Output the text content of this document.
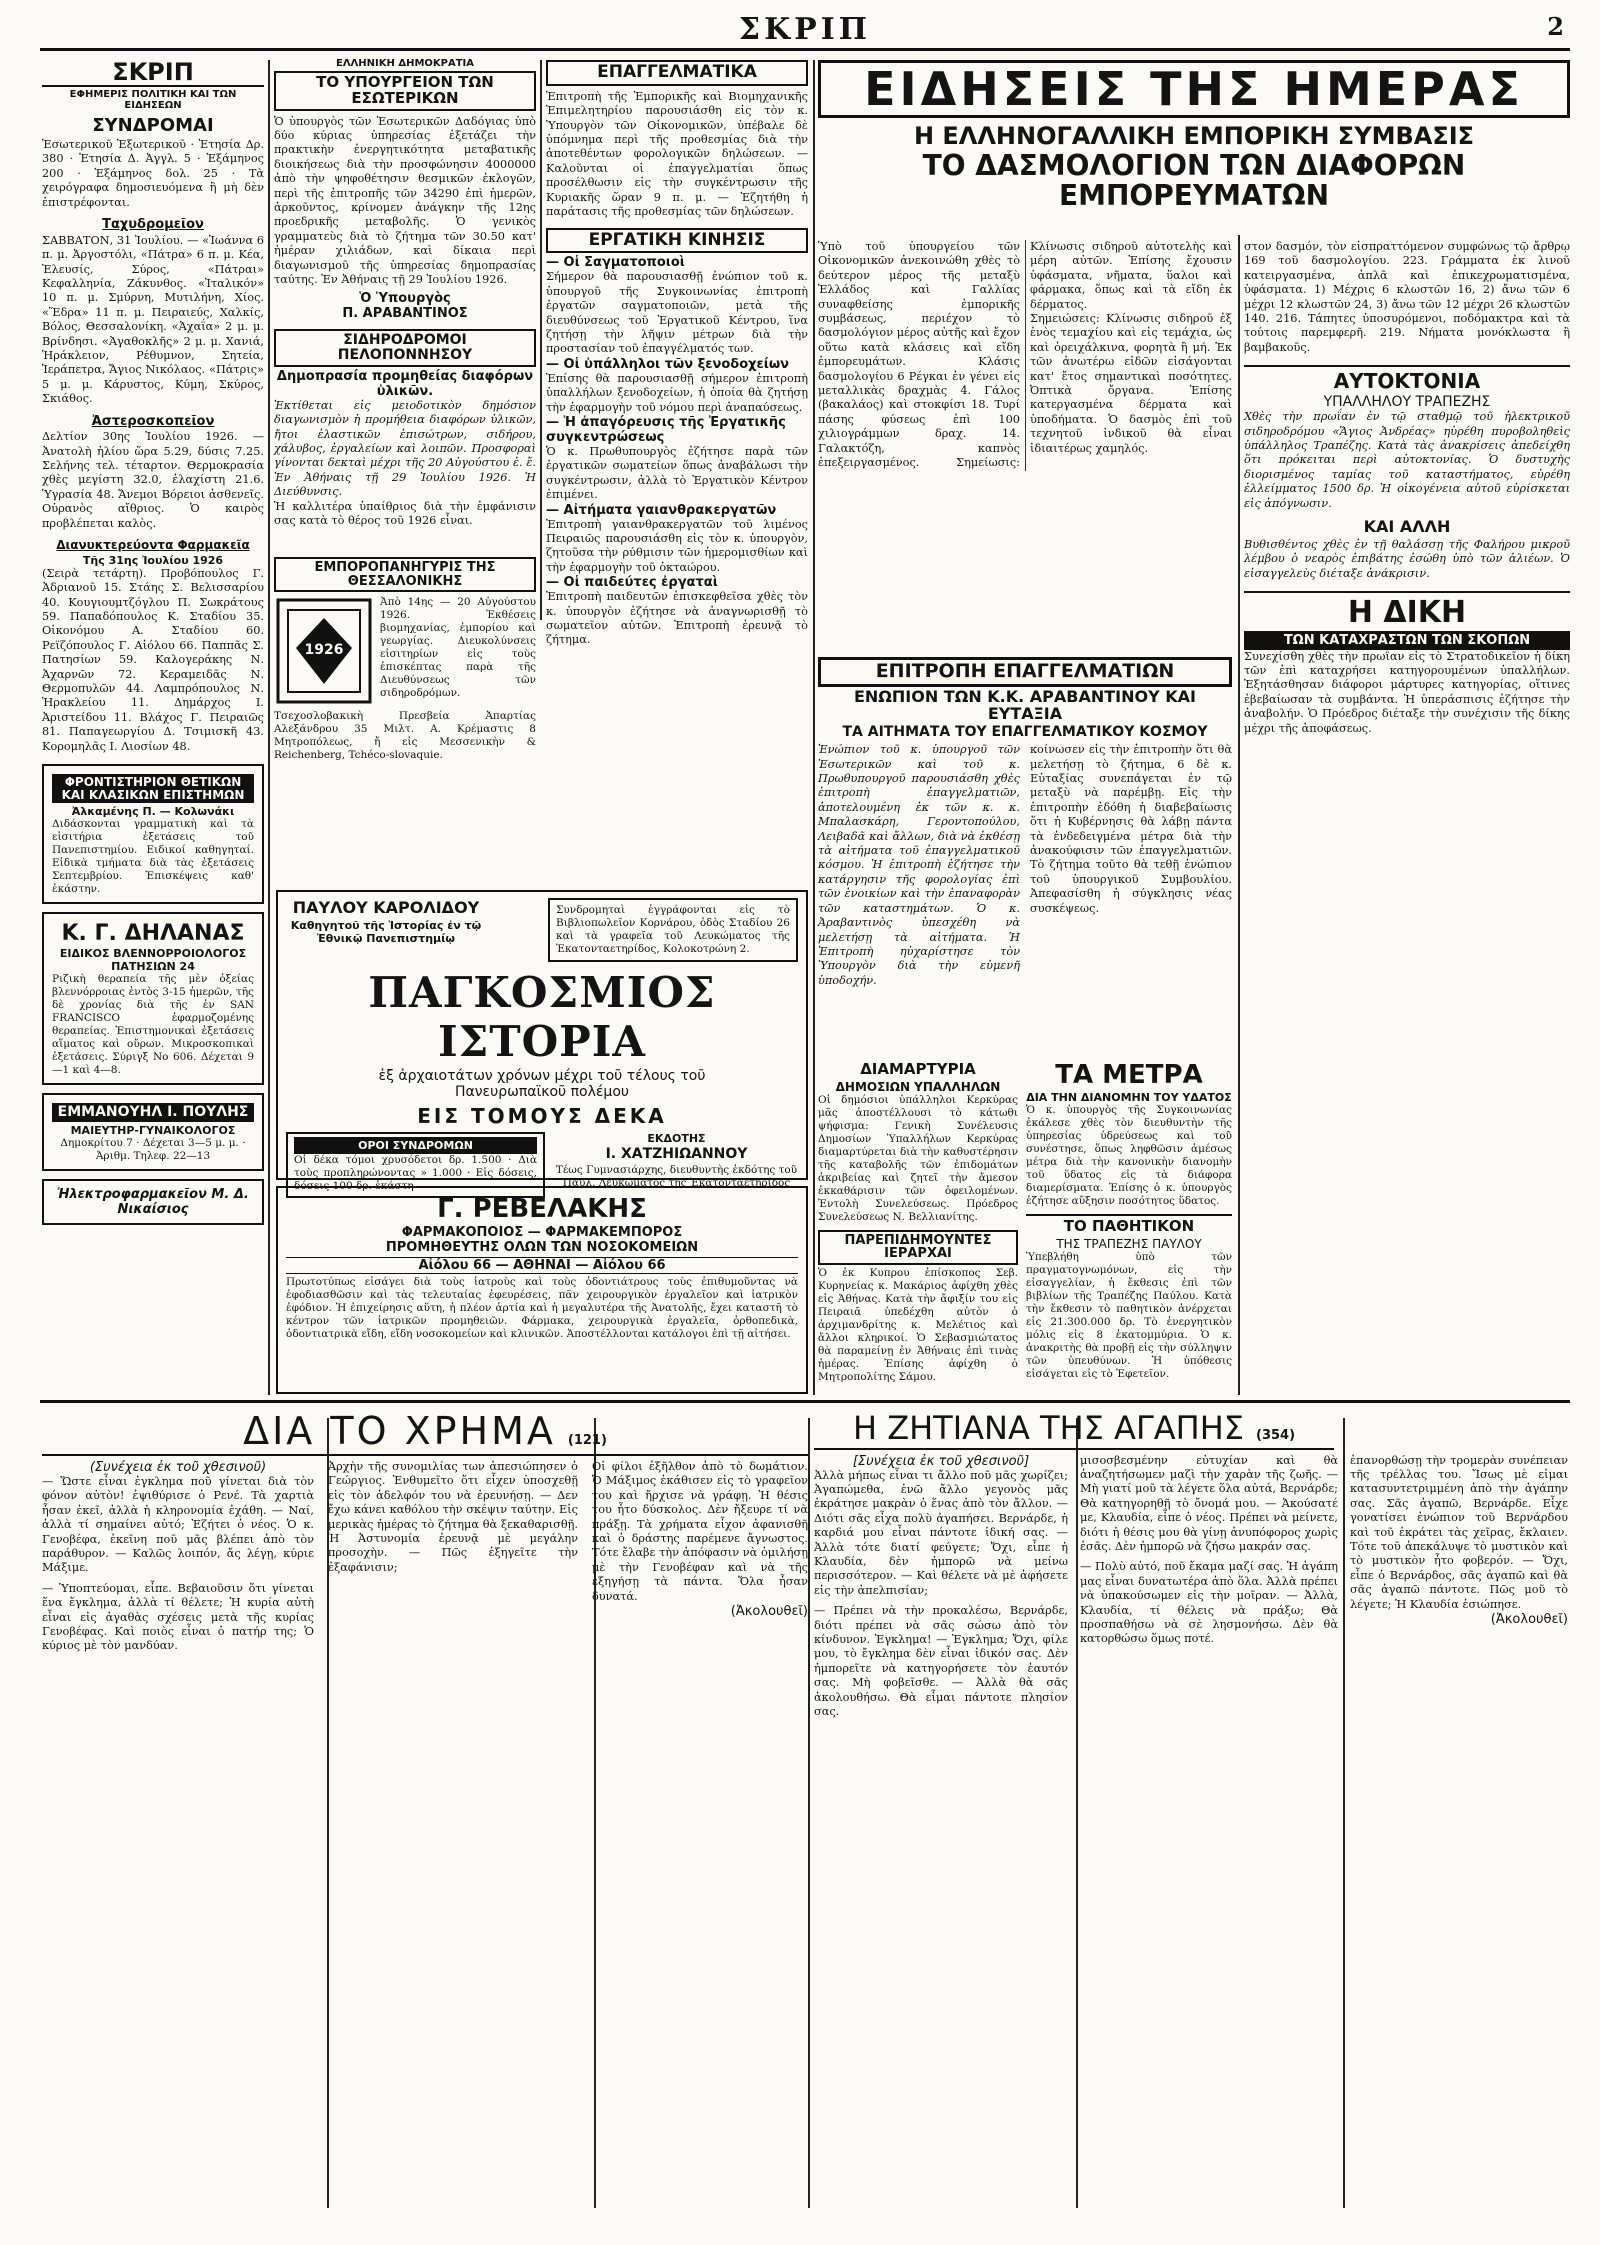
ΣΚΡΙΠ	2
ΣΚΡΙΠ
ΕΦΗΜΕΡΙΣ ΠΟΛΙΤΙΚΗ ΚΑΙ ΤΩΝ ΕΙΔΗΣΕΩΝ
ΣΥΝΔΡΟΜΑΙ
Ἐσωτερικοῦ Ἐξωτερικοῦ · Ἐτησία Δρ. 380 · Ἐτησία Δ. Ἀγγλ. 5 · Ἑξάμηνος 200 · Ἑξάμηνος δολ. 25 · Τὰ χειρόγραφα δημοσιευόμενα ἢ μὴ δὲν ἐπιστρέφονται.
Ταχυδρομεῖον
ΣΑΒΒΑΤΟΝ, 31 Ἰουλίου. — «Ἰωάννα 6 π. μ. Ἀργοστόλι, «Πάτρα» 6 π. μ. Κέα, Ἐλευσίς, Σύρος, «Πάτραι» Κεφαλληνία, Ζάκυνθος. «Ἰταλικόν» 10 π. μ. Σμύρνη, Μυτιλήνη, Χίος. «Ἕδρα» 11 π. μ. Πειραιεύς, Χαλκίς, Βόλος, Θεσσαλονίκη. «Ἀχαΐα» 2 μ. μ. Βρίνδησι. «Ἀγαθοκλῆς» 2 μ. μ. Χανιά, Ἡράκλειον, Ρέθυμνον, Σητεία, Ἱεράπετρα, Ἄγιος Νικόλαος. «Πάτρις» 5 μ. μ. Κάρυστος, Κύμη, Σκύρος, Σκιάθος.
Ἀστεροσκοπεῖον
Δελτίον 30ης Ἰουλίου 1926. — Ἀνατολὴ ἡλίου ὥρα 5.29, δύσις 7.25. Σελήνης τελ. τέταρτον. Θερμοκρασία χθὲς μεγίστη 32.0, ἐλαχίστη 21.6. Ὑγρασία 48. Ἄνεμοι Βόρειοι ἀσθενεῖς. Οὐρανὸς αἴθριος. Ὁ καιρὸς προβλέπεται καλὸς.
Διανυκτερεύοντα Φαρμακεῖα
Τῆς 31ης Ἰουλίου 1926
(Σειρὰ τετάρτη). Προβόπουλος Γ. Ἀδριανοῦ 15. Στάης Σ. Βελισσαρίου 40. Κουγιουμτζόγλου Π. Σωκράτους 59. Παπαδόπουλος Κ. Σταδίου 35. Οἰκονόμου Α. Σταδίου 60. Ρεϊζόπουλος Γ. Αἰόλου 66. Παππᾶς Σ. Πατησίων 59. Καλογεράκης Ν. Ἀχαρνῶν 72. Κεραμειδᾶς Ν. Θερμοπυλῶν 44. Λαμπρόπουλος Ν. Ἡρακλείου 11. Δημάρχος Ι. Ἀριστείδου 11. Βλάχος Γ. Πειραιῶς 81. Παπαγεωργίου Δ. Τσιμισκῆ 43. Κορομηλᾶς Ι. Λιοσίων 48.
ΦΡΟΝΤΙΣΤΗΡΙΟΝ ΘΕΤΙΚΩΝ ΚΑΙ ΚΛΑΣΙΚΩΝ ΕΠΙΣΤΗΜΩΝ
Ἀλκαμένης Π. — Κολωνάκι
Διδάσκονται γραμματικὴ καὶ τὰ εἰσιτήρια ἐξετάσεις τοῦ Πανεπιστημίου. Ειδικοί καθηγηταί. Εἰδικὰ τμήματα διὰ τὰς ἐξετάσεις Σεπτεμβρίου. Ἐπισκέψεις καθ' ἑκάστην.
Κ. Γ. ΔΗΛΑΝΑΣ
ΕΙΔΙΚΟΣ ΒΛΕΝΝΟΡΡΟΙΟΛΟΓΟΣ ΠΑΤΗΣΙΩΝ 24
Ριζικὴ θεραπεία τῆς μὲν ὀξείας βλεννόρροιας ἐντὸς 3-15 ἡμερῶν, τῆς δὲ χρονίας διὰ τῆς ἐν SAN FRANCISCO ἐφαρμοζομένης θεραπείας. Ἐπιστημονικαὶ ἐξετάσεις αἵματος καὶ οὔρων. Μικροσκοπικαὶ ἐξετάσεις. Σύριγξ Νο 606. Δέχεται 9—1 καὶ 4—8.
ΕΜΜΑΝΟΥΗΛ Ι. ΠΟΥΛΗΣ
ΜΑΙΕΥΤΗΡ-ΓΥΝΑΙΚΟΛΟΓΟΣ
Δημοκρίτου 7 · Δέχεται 3—5 μ. μ. · Ἀριθμ. Τηλεφ. 22—13
Ἠλεκτροφαρμακεῖον Μ. Δ. Νικαίσιος
ΕΛΛΗΝΙΚΗ ΔΗΜΟΚΡΑΤΙΑ
ΤΟ ΥΠΟΥΡΓΕΙΟΝ ΤΩΝ ΕΣΩΤΕΡΙΚΩΝ
Ὁ ὑπουργὸς τῶν Ἐσωτερικῶν Δαδόγιας ὑπὸ δύο κύριας ὑπηρεσίας ἐξετάζει τὴν πρακτικὴν ἐνεργητικότητα μεταβατικῆς διοικήσεως διὰ τὴν προσφώνησιν 4000000 ἀπὸ τὴν ψηφοθέτησιν θεσμικῶν ἐκλογῶν, περὶ τῆς ἐπιτροπῆς τῶν 34290 ἐπὶ ἡμερῶν, ἀρκοῦντος, κρίνομεν ἀνάγκην τῆς 12ης προεδρικῆς μεταβολῆς. Ὁ γενικὸς γραμματεὺς διὰ τὸ ζήτημα τῶν 30.50 κατ' ἡμέραν χιλιάδων, καὶ δίκαια περὶ διαγωνισμοῦ τῆς ὑπηρεσίας δημοπρασίας ταύτης. Ἐν Ἀθήναις τῇ 29 Ἰουλίου 1926.
Ὁ Ὑπουργὸς
Π. ΑΡΑΒΑΝΤΙΝΟΣ
ΣΙΔΗΡΟΔΡΟΜΟΙ ΠΕΛΟΠΟΝΝΗΣΟΥ
Δημοπρασία προμηθείας διαφόρων ὑλικῶν.
Ἐκτίθεται εἰς μειοδοτικὸν δημόσιον διαγωνισμὸν ἡ προμήθεια διαφόρων ὑλικῶν, ἤτοι ἐλαστικῶν ἐπισώτρων, σιδήρου, χάλυβος, ἐργαλείων καὶ λοιπῶν. Προσφοραὶ γίνονται δεκταὶ μέχρι τῆς 20 Αὐγούστου ἐ. ἔ. Ἐν Ἀθήναις τῇ 29 Ἰουλίου 1926. Ἡ Διεύθυνσις.
Ἡ καλλιτέρα ὑπαίθριος διὰ τὴν ἐμφάνισιν σας κατὰ τὸ θέρος τοῦ 1926 εἶναι.
ΕΜΠΟΡΟΠΑΝΗΓΥΡΙΣ ΤΗΣ ΘΕΣΣΑΛΟΝΙΚΗΣ
1926
Ἀπὸ 14ης — 20 Αὐγούστου 1926. Ἐκθέσεις βιομηχανίας, ἐμπορίου καὶ γεωργίας. Διευκολύνσεις εἰσιτηρίων εἰς τοὺς ἐπισκέπτας παρὰ τῆς Διευθύνσεως τῶν σιδηροδρόμων.
Τσεχοσλοβακικὴ Πρεσβεία Ἀπαρτίας Αλεξάνδρου 35 Μιλτ. Α. Κρέμαστις 8 Μητροπόλεως, ἤ εἰς Μεσσενικὴν & Reichenberg, Tchéco-slovaquie.
ΕΠΑΓΓΕΛΜΑΤΙΚΑ
Ἐπιτροπὴ τῆς Ἐμπορικῆς καὶ Βιομηχανικῆς Ἐπιμελητηρίου παρουσιάσθη εἰς τὸν κ. Ὑπουργὸν τῶν Οἰκονομικῶν, ὑπέβαλε δὲ ὑπόμνημα περὶ τῆς προθεσμίας διὰ τὴν ἀποτεθέντων φορολογικῶν δηλώσεων. — Καλοῦνται οἱ ἐπαγγελματίαι ὅπως προσέλθωσιν εἰς τὴν συγκέντρωσιν τῆς Κυριακῆς ὥραν 9 π. μ. — Ἐζητήθη ἡ παράτασις τῆς προθεσμίας τῶν δηλώσεων.
ΕΡΓΑΤΙΚΗ ΚΙΝΗΣΙΣ
— Οἱ Σαγματοποιοὶ
Σήμερον θὰ παρουσιασθῇ ἐνώπιον τοῦ κ. ὑπουργοῦ τῆς Συγκοινωνίας ἐπιτροπὴ ἐργατῶν σαγματοποιῶν, μετὰ τῆς διευθύνσεως τοῦ Ἐργατικοῦ Κέντρου, ἵνα ζητήσῃ τὴν λῆψιν μέτρων διὰ τὴν προστασίαν τοῦ ἐπαγγέλματός των.
— Οἱ ὑπάλληλοι τῶν ξενοδοχείων
Ἐπίσης θὰ παρουσιασθῇ σήμερον ἐπιτροπὴ ὑπαλλήλων ξενοδοχείων, ἡ ὁποία θὰ ζητήσῃ τὴν ἐφαρμογὴν τοῦ νόμου περὶ ἀναπαύσεως.
— Ἡ ἀπαγόρευσις τῆς Ἐργατικῆς συγκεντρώσεως
Ὁ κ. Πρωθυπουργὸς ἐζήτησε παρὰ τῶν ἐργατικῶν σωματείων ὅπως ἀναβάλωσι τὴν συγκέντρωσιν, ἀλλὰ τὸ Ἐργατικὸν Κέντρον ἐπιμένει.
— Αἰτήματα γαιανθρακεργατῶν
Ἐπιτροπὴ γαιανθρακεργατῶν τοῦ λιμένος Πειραιῶς παρουσιάσθη εἰς τὸν κ. ὑπουργὸν, ζητοῦσα τὴν ρύθμισιν τῶν ἡμερομισθίων καὶ τὴν ἐφαρμογὴν τοῦ ὀκταώρου.
— Οἱ παιδεύτες ἐργαταὶ
Ἐπιτροπὴ παιδευτῶν ἐπισκεφθεῖσα χθὲς τὸν κ. ὑπουργὸν ἐζήτησε νὰ ἀναγνωρισθῇ τὸ σωματεῖον αὐτῶν. Ἐπιτροπὴ ἐρευνᾷ τὸ ζήτημα.
ΠΑΥΛΟΥ ΚΑΡΟΛΙΔΟΥ
Καθηγητοῦ τῆς Ἱστορίας ἐν τῷ Ἐθνικῷ Πανεπιστημίῳ
Συνδρομηταὶ ἐγγράφονται εἰς τὸ Βιβλιοπωλεῖον Κορνάρου, ὁδὸς Σταδίου 26 καὶ τὰ γραφεῖα τοῦ Λευκώματος τῆς Ἐκατονταετηρίδος, Κολοκοτρώνη 2.
ΠΑΓΚΟΣΜΙΟΣ ΙΣΤΟΡΙΑ
ἐξ ἀρχαιοτάτων χρόνων μέχρι τοῦ τέλους τοῦ
Πανευρωπαϊκοῦ πολέμου
ΕΙΣ ΤΟΜΟΥΣ ΔΕΚΑ
ΟΡΟΙ ΣΥΝΔΡΟΜΩΝ
Οἱ δέκα τόμοι χρυσόδετοι δρ. 1.500 · Διὰ τοὺς προπληρώνοντας » 1.000 · Εἰς δόσεις, δόσεις 100 δρ. ἑκάστη
ΕΚΔΟΤΗΣ
Ι. ΧΑΤΖΗΙΩΑΝΝΟΥ
Τέως Γυμνασιάρχης, διευθυντὴς ἐκδότης τοῦ Παυλ. Λευκώματος τῆς Ἐκατονταετηρίδος
Γ. ΡΕΒΕΛΑΚΗΣ
ΦΑΡΜΑΚΟΠΟΙΟΣ — ΦΑΡΜΑΚΕΜΠΟΡΟΣ
ΠΡΟΜΗΘΕΥΤΗΣ ΟΛΩΝ ΤΩΝ ΝΟΣΟΚΟΜΕΙΩΝ
Αἰόλου 66 — ΑΘΗΝΑΙ — Αἰόλου 66
Πρωτοτύπως εἰσάγει διὰ τοὺς ἰατροὺς καὶ τοὺς ὀδοντιάτρους τοὺς ἐπιθυμοῦντας νὰ ἐφοδιασθῶσιν καὶ τὰς τελευταίας ἐφευρέσεις, πᾶν χειρουργικὸν ἐργαλεῖον καὶ ἰατρικὸν ἐφόδιον. Ἡ ἐπιχείρησις αὕτη, ἡ πλέον ἀρτία καὶ ἡ μεγαλυτέρα τῆς Ἀνατολῆς, ἔχει καταστῆ τὸ κέντρον τῶν ἰατρικῶν προμηθειῶν. Φάρμακα, χειρουργικὰ ἐργαλεῖα, ὀρθοπεδικὰ, ὀδοντιατρικὰ εἴδη, εἴδη νοσοκομείων καὶ κλινικῶν. Ἀποστέλλονται κατάλογοι ἐπὶ τῇ αἰτήσει.
ΕΙΔΗΣΕΙΣ ΤΗΣ ΗΜΕΡΑΣ
Η ΕΛΛΗΝΟΓΑΛΛΙΚΗ ΕΜΠΟΡΙΚΗ ΣΥΜΒΑΣΙΣ
ΤΟ ΔΑΣΜΟΛΟΓΙΟΝ ΤΩΝ ΔΙΑΦΟΡΩΝ ΕΜΠΟΡΕΥΜΑΤΩΝ
Ὑπὸ τοῦ ὑπουργείου τῶν Οἰκονομικῶν ἀνεκοινώθη χθὲς τὸ δεύτερον μέρος τῆς μεταξὺ Ἑλλάδος καὶ Γαλλίας συναφθείσης ἐμπορικῆς συμβάσεως, περιέχον τὸ δασμολόγιον μέρος αὐτῆς καὶ ἔχον οὕτω κατὰ κλάσεις καὶ εἴδη ἐμπορευμάτων. Κλάσις δασμολογίου 6 Ρέγκαι ἐν γένει εἰς μεταλλικὰς δραχμὰς 4. Γάλος (βακαλάος) καὶ στοκφίσι 18. Τυρί πάσης φύσεως ἐπὶ 100 χιλιογράμμων δραχ. 14. Γαλακτόζη, καπνὸς ἐπεξειργασμένος. Σημείωσις: Κλίνωσις σιδηροῦ αὐτοτελὴς καὶ μέρη αὐτῶν. Ἐπίσης ἔχουσιν ὑφάσματα, νῆματα, ὕαλοι καὶ φάρμακα, ὅπως καὶ τὰ εἴδη ἐκ δέρματος.
Σημειώσεις: Κλίνωσις σιδηροῦ ἐξ ἑνὸς τεμαχίου καὶ εἰς τεμάχια, ὡς καὶ ὁρειχάλκινα, φορητὰ ἢ μή. Ἐκ τῶν ἀνωτέρω εἰδῶν εἰσάγονται κατ' ἔτος σημαντικαὶ ποσότητες. Ὀπτικὰ ὄργανα. Ἐπίσης κατεργασμένα δέρματα καὶ ὑποδήματα. Ὁ δασμὸς ἐπὶ τοῦ τεχνητοῦ ἰνδικοῦ θὰ εἶναι ἰδιαιτέρως χαμηλός.
στον δασμόν, τὸν εἰσπραττόμενον συμφώνως τῷ ἄρθρῳ 169 τοῦ δασμολογίου. 223. Γράμματα ἐκ λινοῦ κατειργασμένα, ἁπλᾶ καὶ ἐπικεχρωματισμένα, ὑφάσματα. 1) Μέχρις 6 κλωστῶν 16, 2) ἄνω τῶν 6 μέχρι 12 κλωστῶν 24, 3) ἄνω τῶν 12 μέχρι 26 κλωστῶν 140. 216. Τάπητες ὑποσυρόμενοι, ποδόμακτρα καὶ τὰ τούτοις παρεμφερῆ. 219. Νήματα μονόκλωστα ἢ βαμβακοῦς.
ΑΥΤΟΚΤΟΝΙΑ
ΥΠΑΛΛΗΛΟΥ ΤΡΑΠΕΖΗΣ
Χθὲς τὴν πρωΐαν ἐν τῷ σταθμῷ τοῦ ἠλεκτρικοῦ σιδηροδρόμου «Ἅγιος Ἀνδρέας» ηὑρέθη πυροβοληθεὶς ὑπάλληλος Τραπέζης. Κατὰ τὰς ἀνακρίσεις ἀπεδείχθη ὅτι πρόκειται περὶ αὐτοκτονίας. Ὁ δυστυχὴς διορισμένος ταμίας τοῦ καταστήματος, εὑρέθη ἐλλείμματος 1500 δρ. Ἡ οἰκογένεια αὐτοῦ εὑρίσκεται εἰς ἀπόγνωσιν.
ΚΑΙ ΑΛΛΗ
Βυθισθέντος χθὲς ἐν τῇ θαλάσσῃ τῆς Φαλήρου μικροῦ λέμβου ὁ νεαρὸς ἐπιβάτης ἐσώθη ὑπὸ τῶν ἁλιέων. Ὁ εἰσαγγελεὺς διέταξε ἀνάκρισιν.
Η ΔΙΚΗ
ΤΩΝ ΚΑΤΑΧΡΑΣΤΩΝ ΤΩΝ ΣΚΟΠΩΝ
Συνεχίσθη χθὲς τὴν πρωΐαν εἰς τὸ Στρατοδικεῖον ἡ δίκη τῶν ἐπὶ καταχρήσει κατηγορουμένων ὑπαλλήλων. Ἐξητάσθησαν διάφοροι μάρτυρες κατηγορίας, οἵτινες ἐβεβαίωσαν τὰ συμβάντα. Ἡ ὑπεράσπισις ἐζήτησε τὴν ἀναβολήν. Ὁ Πρόεδρος διέταξε τὴν συνέχισιν τῆς δίκης μέχρι τῆς ἀποφάσεως.
ΕΠΙΤΡΟΠΗ ΕΠΑΓΓΕΛΜΑΤΙΩΝ
ΕΝΩΠΙΟΝ ΤΩΝ Κ.Κ. ΑΡΑΒΑΝΤΙΝΟΥ ΚΑΙ ΕΥΤΑΞΙΑ
ΤΑ ΑΙΤΗΜΑΤΑ ΤΟΥ ΕΠΑΓΓΕΛΜΑΤΙΚΟΥ ΚΟΣΜΟΥ
Ἐνώπιον τοῦ κ. ὑπουργοῦ τῶν Ἐσωτερικῶν καὶ τοῦ κ. Πρωθυπουργοῦ παρουσιάσθη χθὲς ἐπιτροπὴ ἐπαγγελματιῶν, ἀποτελουμένη ἐκ τῶν κ. κ. Μπαλασκάρη, Γεροντοπούλου, Λειβαδᾶ καὶ ἄλλων, διὰ νὰ ἐκθέσῃ τὰ αἰτήματα τοῦ ἐπαγγελματικοῦ κόσμου. Ἡ ἐπιτροπὴ ἐζήτησε τὴν κατάργησιν τῆς φορολογίας ἐπὶ τῶν ἐνοικίων καὶ τὴν ἐπαναφορὰν τῶν καταστημάτων. Ὁ κ. Ἀραβαντινὸς ὑπεσχέθη νὰ μελετήσῃ τὰ αἰτήματα. Ἡ Ἐπιτροπὴ ηὐχαρίστησε τὸν Ὑπουργὸν διὰ τὴν εὐμενῆ ὑποδοχήν.
κοίνωσεν εἰς τὴν ἐπιτροπὴν ὅτι θὰ μελετήσῃ τὸ ζήτημα, 6 δὲ κ. Εὐταξίας συνεπάγεται ἐν τῷ μεταξὺ νὰ παρέμβῃ. Εἰς τὴν ἐπιτροπὴν ἐδόθη ἡ διαβεβαίωσις ὅτι ἡ Κυβέρνησις θὰ λάβῃ πάντα τὰ ἐνδεδειγμένα μέτρα διὰ τὴν ἀνακούφισιν τῶν ἐπαγγελματιῶν. Τὸ ζήτημα τοῦτο θὰ τεθῇ ἐνώπιον τοῦ ὑπουργικοῦ Συμβουλίου. Ἀπεφασίσθη ἡ σύγκλησις νέας συσκέψεως.
ΔΙΑΜΑΡΤΥΡΙΑ
ΔΗΜΟΣΙΩΝ ΥΠΑΛΛΗΛΩΝ
Οἱ δημόσιοι ὑπάλληλοι Κερκύρας μᾶς ἀποστέλλουσι τὸ κάτωθι ψήφισμα: Γενικὴ Συνέλευσις Δημοσίων Ὑπαλλήλων Κερκύρας διαμαρτύρεται διὰ τὴν καθυστέρησιν τῆς καταβολῆς τῶν ἐπιδομάτων ἀκριβείας καὶ ζητεῖ τὴν ἄμεσον ἐκκαθάρισιν τῶν ὀφειλομένων. Ἐντολὴ Συνελεύσεως. Πρόεδρος Συνελεύσεως Ν. Βελλιανίτης.
ΠΑΡΕΠΙΔΗΜΟΥΝΤΕΣ ΙΕΡΑΡΧΑΙ
Ὁ ἐκ Κυπρου ἐπίσκοπος Σεβ. Κυρηνείας κ. Μακάριος ἀφίχθη χθὲς εἰς Ἀθήνας. Κατὰ τὴν ἄφιξίν του εἰς Πειραιᾶ ὑπεδέχθη αὐτὸν ὁ ἀρχιμανδρίτης κ. Μελέτιος καὶ ἄλλοι κληρικοί. Ὁ Σεβασμιώτατος θὰ παραμείνῃ ἐν Ἀθήναις ἐπὶ τινὰς ἡμέρας. Ἐπίσης ἀφίχθη ὁ Μητροπολίτης Σάμου.
ΤΑ ΜΕΤΡΑ
ΔΙΑ ΤΗΝ ΔΙΑΝΟΜΗΝ ΤΟΥ ΥΔΑΤΟΣ
Ὁ κ. ὑπουργὸς τῆς Συγκοινωνίας ἐκάλεσε χθὲς τὸν διευθυντὴν τῆς ὑπηρεσίας ὑδρεύσεως καὶ τοῦ συνέστησε, ὅπως ληφθῶσιν ἀμέσως μέτρα διὰ τὴν κανονικὴν διανομὴν τοῦ ὕδατος εἰς τὰ διάφορα διαμερίσματα. Ἐπίσης ὁ κ. ὑπουργὸς ἐζήτησε αὔξησιν ποσότητος ὕδατος.
ΤΟ ΠΑΘΗΤΙΚΟΝ
ΤΗΣ ΤΡΑΠΕΖΗΣ ΠΑΥΛΟΥ
Ὑπεβλήθη ὑπὸ τῶν πραγματογνωμόνων, εἰς τὴν εἰσαγγελίαν, ἡ ἔκθεσις ἐπὶ τῶν βιβλίων τῆς Τραπέζης Παύλου. Κατὰ τὴν ἔκθεσιν τὸ παθητικὸν ἀνέρχεται εἰς 21.300.000 δρ. Τὸ ἐνεργητικὸν μόλις εἰς 8 ἑκατομμύρια. Ὁ κ. ἀνακριτὴς θὰ προβῇ εἰς τὴν σύλληψιν τῶν ὑπευθύνων. Ἡ ὑπόθεσις εἰσάγεται εἰς τὸ Ἐφετεῖον.
ΔΙΑ ΤΟ ΧΡΗΜΑ (121)
(Συνέχεια ἐκ τοῦ χθεσινοῦ)
— Ὥστε εἶναι ἐγκλημα ποῦ γίνεται διὰ τὸν φόνον αὐτὸν! ἐψιθύρισε ὁ Ρενέ. Τὰ χαρτιὰ ἦσαν ἐκεῖ, ἀλλὰ ἡ κληρονομία ἐχάθη. — Ναί, ἀλλὰ τί σημαίνει αὐτό; Ἐζήτει ὁ νέος. Ὁ κ. Γενοβέφα, ἐκεῖνη ποῦ μᾶς βλέπει ἀπὸ τὸν παράθυρον. — Καλῶς λοιπόν, ἄς λέγῃ, κύριε Μάξιμε.
— Ὑποπτεύομαι, εἶπε. Βεβαιοῦσιν ὅτι γίνεται ἕνα ἔγκλημα, ἀλλὰ τί θέλετε; Ἡ κυρία αὐτὴ εἶναι εἰς ἀγαθὰς σχέσεις μετὰ τῆς κυρίας Γενοβέφας. Καὶ ποιὸς εἶναι ὁ πατήρ της; Ὁ κύριος μὲ τὸν μανδύαν.
Ἀρχὴν τῆς συνομιλίας των ἀπεσιώπησεν ὁ Γεώργιος. Ἐνθυμεῖτο ὅτι εἶχεν ὑποσχεθῇ εἰς τὸν ἀδελφόν του νὰ ἐρευνήσῃ. — Δεν ἔχω κάνει καθόλου τὴν σκέψιν ταύτην. Εἰς μερικὰς ἡμέρας τὸ ζήτημα θὰ ξεκαθαρισθῇ. Ἡ Ἀστυνομία ἐρευνᾷ μὲ μεγάλην προσοχὴν. — Πῶς ἐξηγεῖτε τὴν ἐξαφάνισιν;
Οἱ φίλοι ἐξῆλθον ἀπὸ τὸ δωμάτιον. Ὁ Μάξιμος ἐκάθισεν εἰς τὸ γραφεῖον του καὶ ἤρχισε νὰ γράφῃ. Ἡ θέσις του ἦτο δύσκολος. Δὲν ἤξευρε τί νὰ πράξῃ. Τὰ χρήματα εἶχον ἀφανισθῆ καὶ ὁ δράστης παρέμενε ἄγνωστος. Τότε ἔλαβε τὴν ἀπόφασιν νὰ ὁμιλήσῃ μὲ τὴν Γενοβέφαν καὶ νὰ τῆς ἐξηγήσῃ τὰ πάντα. Ὅλα ἦσαν δυνατά.
(Ἀκολουθεῖ)
Η ΖΗΤΙΑΝΑ ΤΗΣ ΑΓΑΠΗΣ (354)
[Συνέχεια ἐκ τοῦ χθεσινοῦ]
Ἀλλὰ μήπως εἶναι τι ἄλλο ποῦ μᾶς χωρίζει; Ἀγαπώμεθα, ἐνῶ ἄλλο γεγονὸς μᾶς ἐκράτησε μακρὰν ὁ ἕνας ἀπὸ τὸν ἄλλον. — Διότι σᾶς εἶχα πολὺ ἀγαπήσει. Βερνάρδε, ἡ καρδιά μου εἶναι πάντοτε ἰδική σας. — Ἀλλὰ τότε διατί φεύγετε; Ὄχι, εἶπε ἡ Κλαυδία, δὲν ἠμπορῶ νὰ μείνω περισσότερον. — Καὶ θέλετε νὰ μὲ ἀφήσετε εἰς τὴν ἀπελπισίαν;
— Πρέπει νὰ τὴν προκαλέσω, Βερνάρδε, διότι πρέπει νὰ σᾶς σώσω ἀπὸ τὸν κίνδυνον. Ἐγκλημα! — Ἐγκλημα; Ὄχι, φίλε μου, τὸ ἔγκλημα δὲν εἶναι ἰδικόν σας. Δὲν ἠμπορεῖτε νὰ κατηγορήσετε τὸν ἑαυτόν σας. Μὴ φοβεῖσθε. — Ἀλλὰ θὰ σᾶς ἀκολουθήσω. Θὰ εἶμαι πάντοτε πλησίον σας.
μισοσβεσμένην εὐτυχίαν καὶ θὰ ἀναζητήσωμεν μαζὶ τὴν χαρὰν τῆς ζωῆς. — Μὴ γιατί μοῦ τὰ λέγετε ὅλα αὐτά, Βερνάρδε; Θὰ κατηγορηθῇ τὸ ὄνομά μου. — Ἀκούσατέ με, Κλαυδία, εἶπε ὁ νέος. Πρέπει νὰ μείνετε, διότι ἡ θέσις μου θὰ γίνῃ ἀνυπόφορος χωρὶς ἐσᾶς. Δὲν ἠμπορῶ νὰ ζήσω μακράν σας.
— Πολὺ αὐτό, ποῦ ἔκαμα μαζί σας. Ἡ ἀγάπη μας εἶναι δυνατωτέρα ἀπὸ ὅλα. Ἀλλὰ πρέπει νὰ ὑπακούσωμεν εἰς τὴν μοῖραν. — Ἀλλὰ, Κλαυδία, τί θέλεις νὰ πράξω; Θὰ προσπαθήσω νὰ σὲ λησμονήσω. Δὲν θὰ κατορθώσω ὅμως ποτέ.
ἐπανορθώσῃ τὴν τρομερὰν συνέπειαν τῆς τρέλλας του. Ἴσως μὲ εἰμαι κατασυντετριμμένη ἀπὸ τὴν ἀγάπην σας. Σᾶς ἀγαπῶ, Βερνάρδε. Εἶχε γονατίσει ἐνώπιον τοῦ Βερνάρδου καὶ τοῦ ἐκράτει τὰς χεῖρας, ἔκλαιεν. Τότε τοῦ ἀπεκάλυψε τὸ μυστικὸν καὶ τὸ μυστικὸν ἦτο φοβερόν. — Ὄχι, εἶπε ὁ Βερνάρδος, σᾶς ἀγαπῶ καὶ θὰ σᾶς ἀγαπῶ πάντοτε. Πῶς μοῦ τὸ λέγετε; Ἡ Κλαυδία ἐσιώπησε.
(Ἀκολουθεῖ)
